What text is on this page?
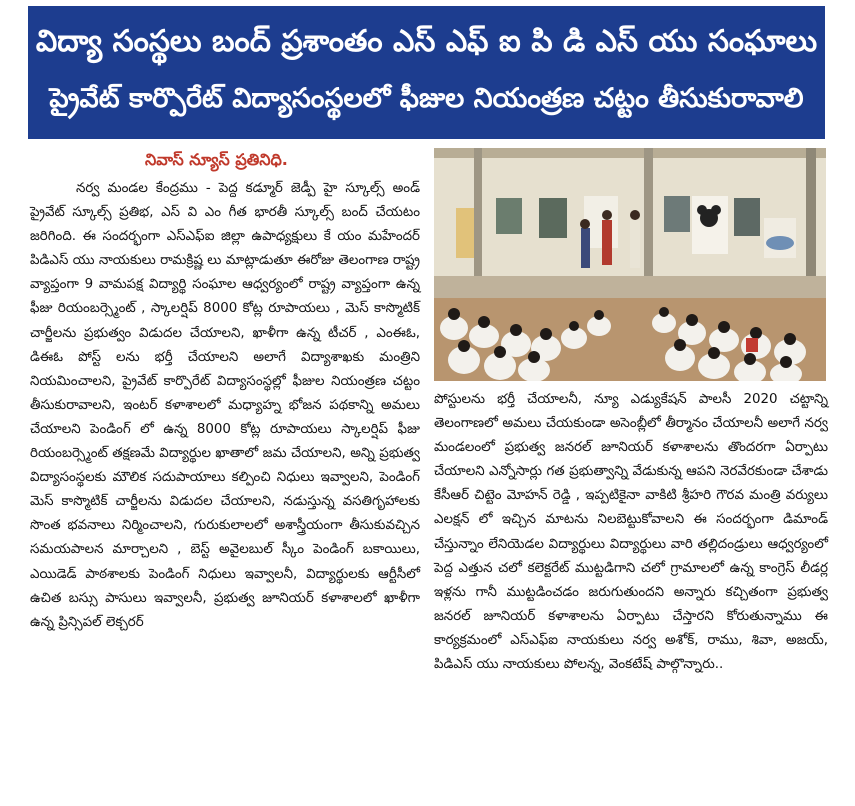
విద్యా సంస్థలు బంద్ ప్రశాంతం ఎస్ ఎఫ్ ఐ పి డి ఎస్ యు సంఘాలు
ప్రైవేట్ కార్పొరేట్ విద్యాసంస్థలలో ఫీజుల నియంత్రణ చట్టం తీసుకురావాలి
నివాస్ న్యూస్ ప్రతినిధి.

నర్వ మండల కేంద్రము - పెద్ద కడ్మూర్ జెడ్పీ హై స్కూల్స్ అండ్ ప్రైవేట్ స్కూల్స్ ప్రతిభ, ఎస్ వి ఎం గీత భారతీ స్కూల్స్ బంద్ చేయటం జరిగింది. ఈ సందర్భంగా ఎస్ఎఫ్ఐ జిల్లా ఉపాధ్యక్షులు కే యం మహేందర్ పిడిఎస్ యు నాయకులు రామక్రిష్ణ లు మాట్లాడుతూ ఈరోజు తెలంగాణ రాష్ట్ర వ్యాప్తంగా 9 వామపక్ష విద్యార్థి సంఘాల ఆధ్వర్యంలో రాష్ట్ర వ్యాప్తంగా ఉన్న ఫీజు రియంబర్స్మెంట్ , స్కాలర్షిప్ 8000 కోట్ల రూపాయలు , మెస్ కాస్మొటిక్ చార్జీలను ప్రభుత్వం విడుదల చేయాలని, ఖాళీగా ఉన్న టీచర్ , ఎంఈఓ, డిఈఓ పోస్ట్ లను భర్తీ చేయాలని అలాగే విద్యాశాఖకు మంత్రిని నియమించాలని, ప్రైవేట్ కార్పొరేట్ విద్యాసంస్థల్లో ఫీజుల నియంత్రణ చట్టం తీసుకురావాలని, ఇంటర్ కళాశాలలో మధ్యాహ్న భోజన పథకాన్ని అమలు చేయాలని పెండింగ్ లో ఉన్న 8000 కోట్ల రూపాయలు స్కాలర్షిప్ ఫీజు రియంబర్స్మెంట్ తక్షణమే విద్యార్థుల ఖాతాలో జమ చేయాలని, అన్ని ప్రభుత్వ విద్యాసంస్థలకు మౌలిక సదుపాయాలు కల్పించి నిధులు ఇవ్వాలని, పెండింగ్ మెస్ కాస్మొటిక్ చార్జీలను విడుదల చేయాలని, నడుస్తున్న వసతిగృహాలకు సొంత భవనాలు నిర్మించాలని, గురుకులాలలో అశాస్త్రీయంగా తీసుకువచ్చిన సమయపాలన మార్చాలని , బెస్ట్ అవైలబుల్ స్కీం పెండింగ్ బకాయిలు, ఎయిడెడ్ పాఠశాలకు పెండింగ్ నిధులు ఇవ్వాలనీ, విద్యార్థులకు ఆర్టీసీలో ఉచిత బస్సు పాసులు ఇవ్వాలనీ, ప్రభుత్వ జూనియర్ కళాశాలలో ఖాళీగా ఉన్న ప్రిన్సిపల్ లెక్చరర్

పోస్టులను భర్తీ చేయాలనీ, న్యూ ఎడ్యుకేషన్ పాలసీ 2020 చట్టాన్ని తెలంగాణలో అమలు చేయకుండా అసెంబ్లీలో తీర్మానం చేయాలనీ అలాగే నర్వ మండలంలో ప్రభుత్వ జనరల్ జూనియర్ కళాశాలను తొందరగా ఏర్పాటు చేయాలని ఎన్నోసార్లు గత ప్రభుత్వాన్ని వేడుకున్న ఆపని నెరవేరకుండా చేశాడు కేసీఆర్ చిట్టెం మోహన్ రెడ్డి , ఇప్పటికైనా వాకిటి శ్రీహరి గౌరవ మంత్రి వర్యులు ఎలక్షన్ లో ఇచ్చిన మాటను నిలబెట్టుకోవాలని ఈ సందర్భంగా డిమాండ్ చేస్తున్నాం లేనియెడల విద్యార్థులు విద్యార్థులు వారి తల్లిదండ్రులు ఆధ్వర్యంలో పెద్ద ఎత్తున చలో కలెక్టరేట్ ముట్టడిగాని చలో గ్రామాలలో ఉన్న కాంగ్రెస్ లీడర్ల ఇళ్లను గానీ ముట్టడించడం జరుగుతుందని అన్నారు కచ్చితంగా ప్రభుత్వ జనరల్ జూనియర్ కళాశాలను ఏర్పాటు చేస్తారని కోరుతున్నాము ఈ కార్యక్రమంలో ఎస్ఎఫ్ఐ నాయకులు నర్వ అశోక్, రాము, శివా, అజయ్, పిడిఎస్ యు నాయకులు పోలన్న, వెంకటేష్ పాల్గొన్నారు..
